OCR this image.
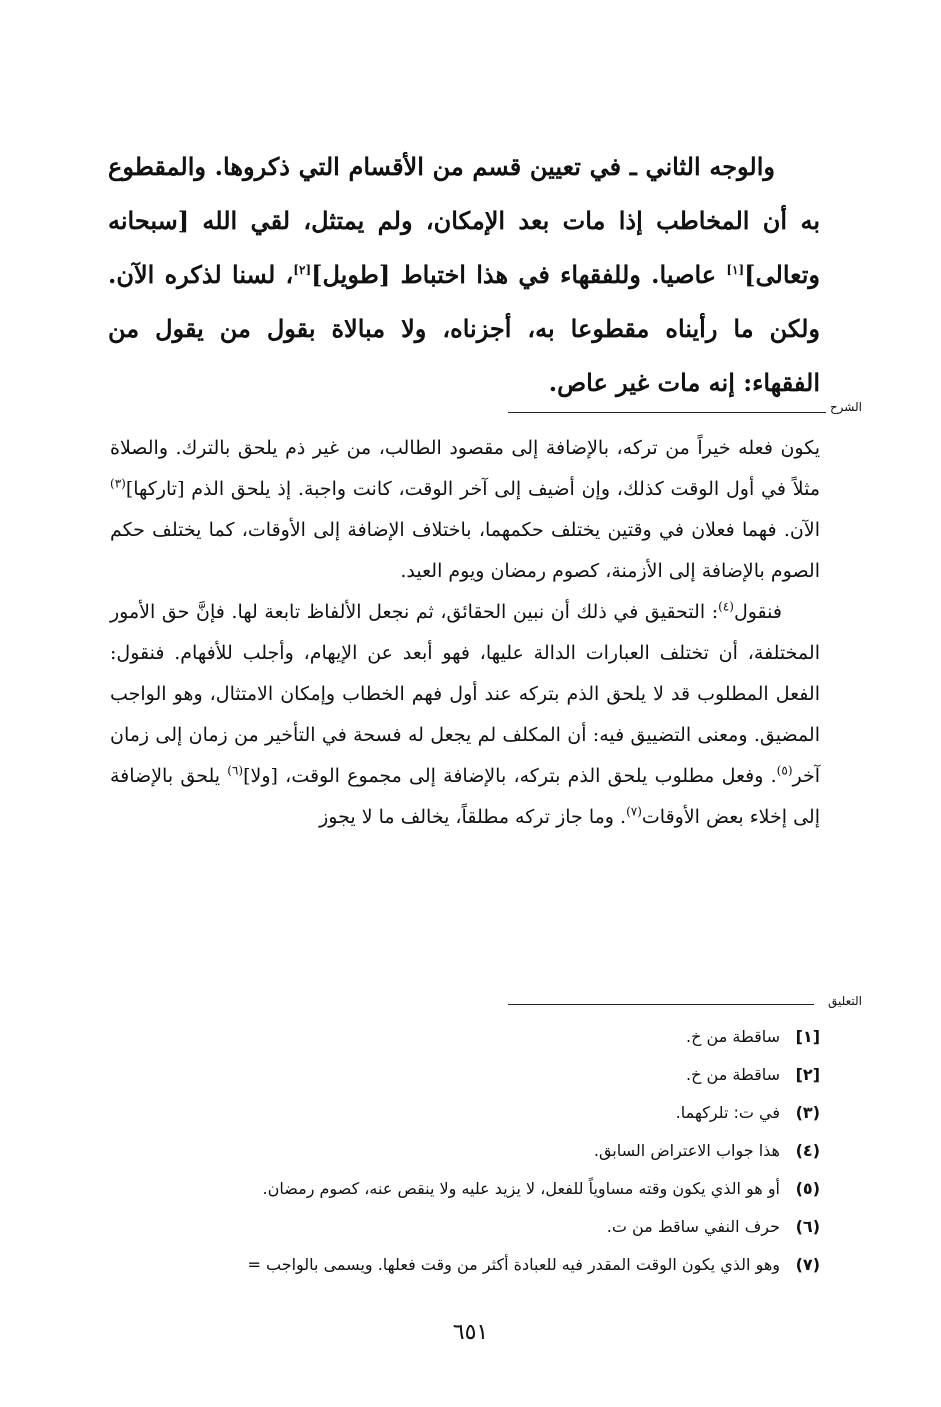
والوجه الثاني ـ في تعيين قسم من الأقسام التي ذكروها. والمقطوع به أن المخاطب إذا مات بعد الإمكان، ولم يمتثل، لقي الله [سبحانه وتعالى][١] عاصيا. وللفقهاء في هذا اختباط [طويل][٢]، لسنا لذكره الآن. ولكن ما رأيناه مقطوعا به، أجزناه، ولا مبالاة بقول من يقول من الفقهاء: إنه مات غير عاص.

الشرح

يكون فعله خيراً من تركه، بالإضافة إلى مقصود الطالب، من غير ذم يلحق بالترك. والصلاة مثلاً في أول الوقت كذلك، وإن أضيف إلى آخر الوقت، كانت واجبة. إذ يلحق الذم [تاركها]$^{(٣)}$ الآن. فهما فعلان في وقتين يختلف حكمهما، باختلاف الإضافة إلى الأوقات، كما يختلف حكم الصوم بالإضافة إلى الأزمنة، كصوم رمضان ويوم العيد.

فنقول$^{(٤)}$: التحقيق في ذلك أن نبين الحقائق، ثم نجعل الألفاظ تابعة لها. فإنَّ حق الأمور المختلفة، أن تختلف العبارات الدالة عليها، فهو أبعد عن الإيهام، وأجلب للأفهام. فنقول: الفعل المطلوب قد لا يلحق الذم بتركه عند أول فهم الخطاب وإمكان الامتثال، وهو الواجب المضيق. ومعنى التضييق فيه: أن المكلف لم يجعل له فسحة في التأخير من زمان إلى زمان آخر$^{(٥)}$. وفعل مطلوب يلحق الذم بتركه، بالإضافة إلى مجموع الوقت، [ولا]$^{(٦)}$ يلحق بالإضافة إلى إخلاء بعض الأوقات$^{(٧)}$. وما جاز تركه مطلقاً، يخالف ما لا يجوز

التعليق
[١]
ساقطة من خ.
[٢]
ساقطة من خ.
(٣)
في ت: تلركهما.
(٤)
هذا جواب الاعتراض السابق.
(٥)
أو هو الذي يكون وقته مساوياً للفعل، لا يزيد عليه ولا ينقص عنه، كصوم رمضان.
(٦)
حرف النفي ساقط من ت.
(٧)
وهو الذي يكون الوقت المقدر فيه للعبادة أكثر من وقت فعلها. ويسمى بالواجب =
٦٥١
